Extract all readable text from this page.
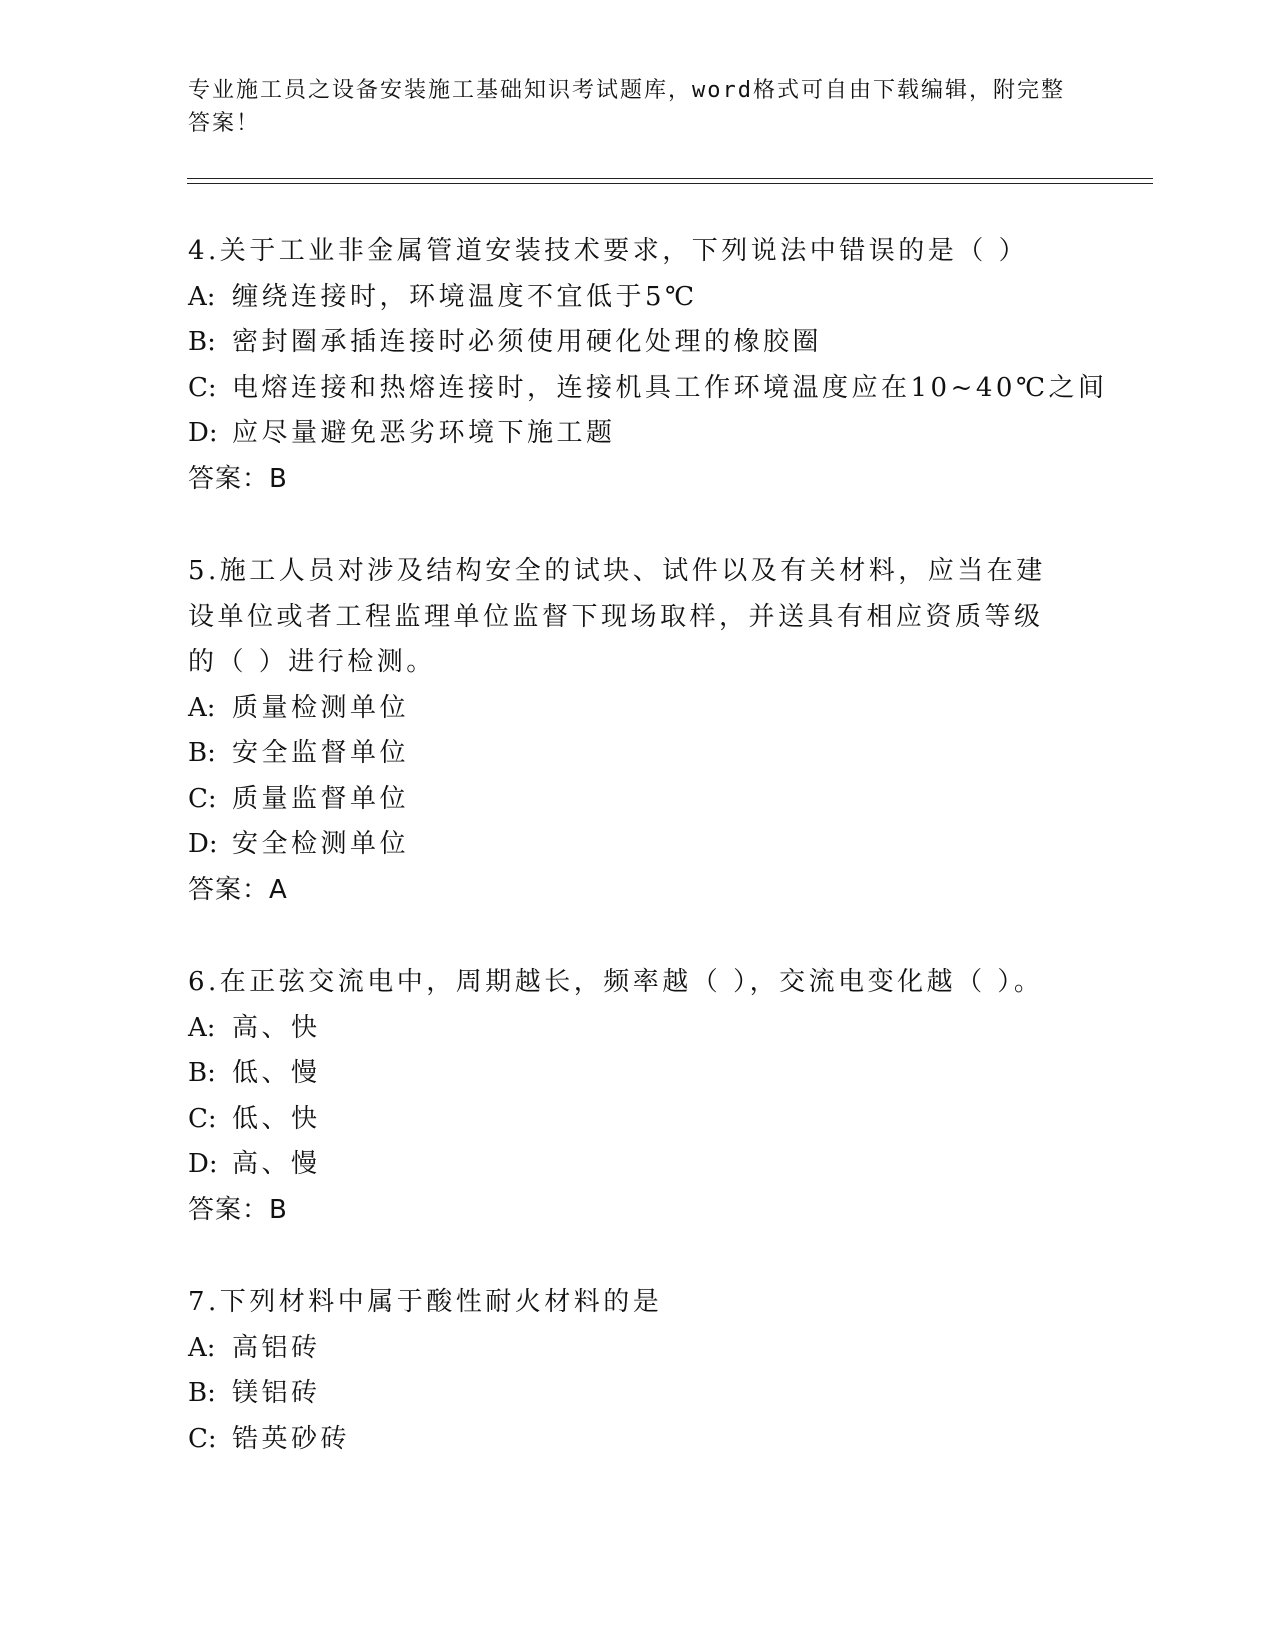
专业施工员之设备安装施工基础知识考试题库，word格式可自由下载编辑，附完整答案！
4.关于工业非金属管道安装技术要求，下列说法中错误的是（ ）
A: 缠绕连接时，环境温度不宜低于5℃
B: 密封圈承插连接时必须使用硬化处理的橡胶圈
C: 电熔连接和热熔连接时，连接机具工作环境温度应在10~40℃之间
D: 应尽量避免恶劣环境下施工题
答案：B
5.施工人员对涉及结构安全的试块、试件以及有关材料，应当在建设单位或者工程监理单位监督下现场取样，并送具有相应资质等级的（ ）进行检测。
A: 质量检测单位
B: 安全监督单位
C: 质量监督单位
D: 安全检测单位
答案：A
6.在正弦交流电中，周期越长，频率越（ ），交流电变化越（ ）。
A: 高、快
B: 低、慢
C: 低、快
D: 高、慢
答案：B
7.下列材料中属于酸性耐火材料的是
A: 高铝砖
B: 镁铝砖
C: 锆英砂砖
